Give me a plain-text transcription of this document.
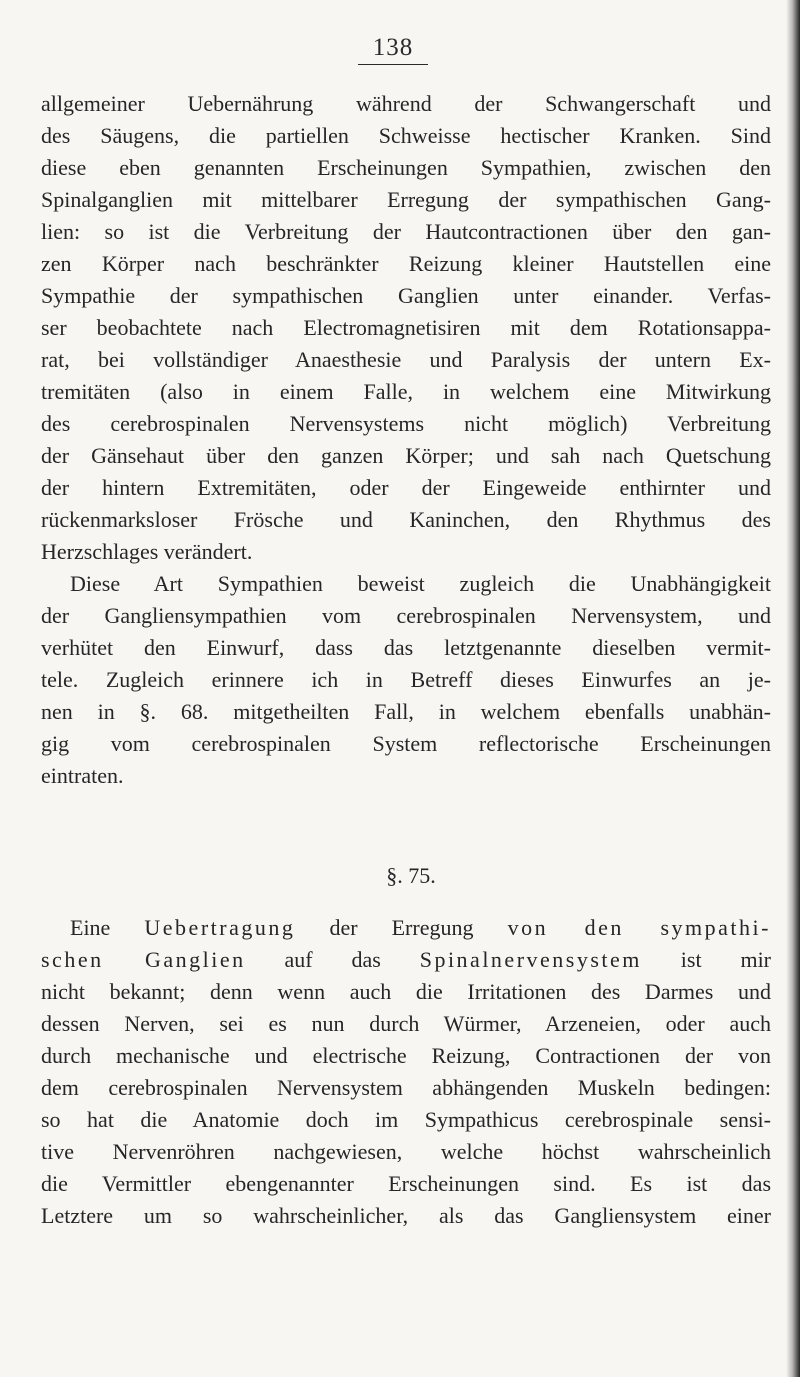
138
allgemeiner Uebernährung während der Schwangerschaft und
des Säugens, die partiellen Schweisse hectischer Kranken. Sind
diese eben genannten Erscheinungen Sympathien, zwischen den
Spinalganglien mit mittelbarer Erregung der sympathischen Gang-
lien: so ist die Verbreitung der Hautcontractionen über den gan-
zen Körper nach beschränkter Reizung kleiner Hautstellen eine
Sympathie der sympathischen Ganglien unter einander. Verfas-
ser beobachtete nach Electromagnetisiren mit dem Rotationsappa-
rat, bei vollständiger Anaesthesie und Paralysis der untern Ex-
tremitäten (also in einem Falle, in welchem eine Mitwirkung
des cerebrospinalen Nervensystems nicht möglich) Verbreitung
der Gänsehaut über den ganzen Körper; und sah nach Quetschung
der hintern Extremitäten, oder der Eingeweide enthirnter und
rückenmarksloser Frösche und Kaninchen, den Rhythmus des
Herzschlages verändert.
Diese Art Sympathien beweist zugleich die Unabhängigkeit
der Gangliensympathien vom cerebrospinalen Nervensystem, und
verhütet den Einwurf, dass das letztgenannte dieselben vermit-
tele. Zugleich erinnere ich in Betreff dieses Einwurfes an je-
nen in §. 68. mitgetheilten Fall, in welchem ebenfalls unabhän-
gig vom cerebrospinalen System reflectorische Erscheinungen
eintraten.
§. 75.
Eine Uebertragung der Erregung von den sympathi-
schen Ganglien auf das Spinalnervensystem ist mir
nicht bekannt; denn wenn auch die Irritationen des Darmes und
dessen Nerven, sei es nun durch Würmer, Arzeneien, oder auch
durch mechanische und electrische Reizung, Contractionen der von
dem cerebrospinalen Nervensystem abhängenden Muskeln bedingen:
so hat die Anatomie doch im Sympathicus cerebrospinale sensi-
tive Nervenröhren nachgewiesen, welche höchst wahrscheinlich
die Vermittler ebengenannter Erscheinungen sind. Es ist das
Letztere um so wahrscheinlicher, als das Gangliensystem einer
